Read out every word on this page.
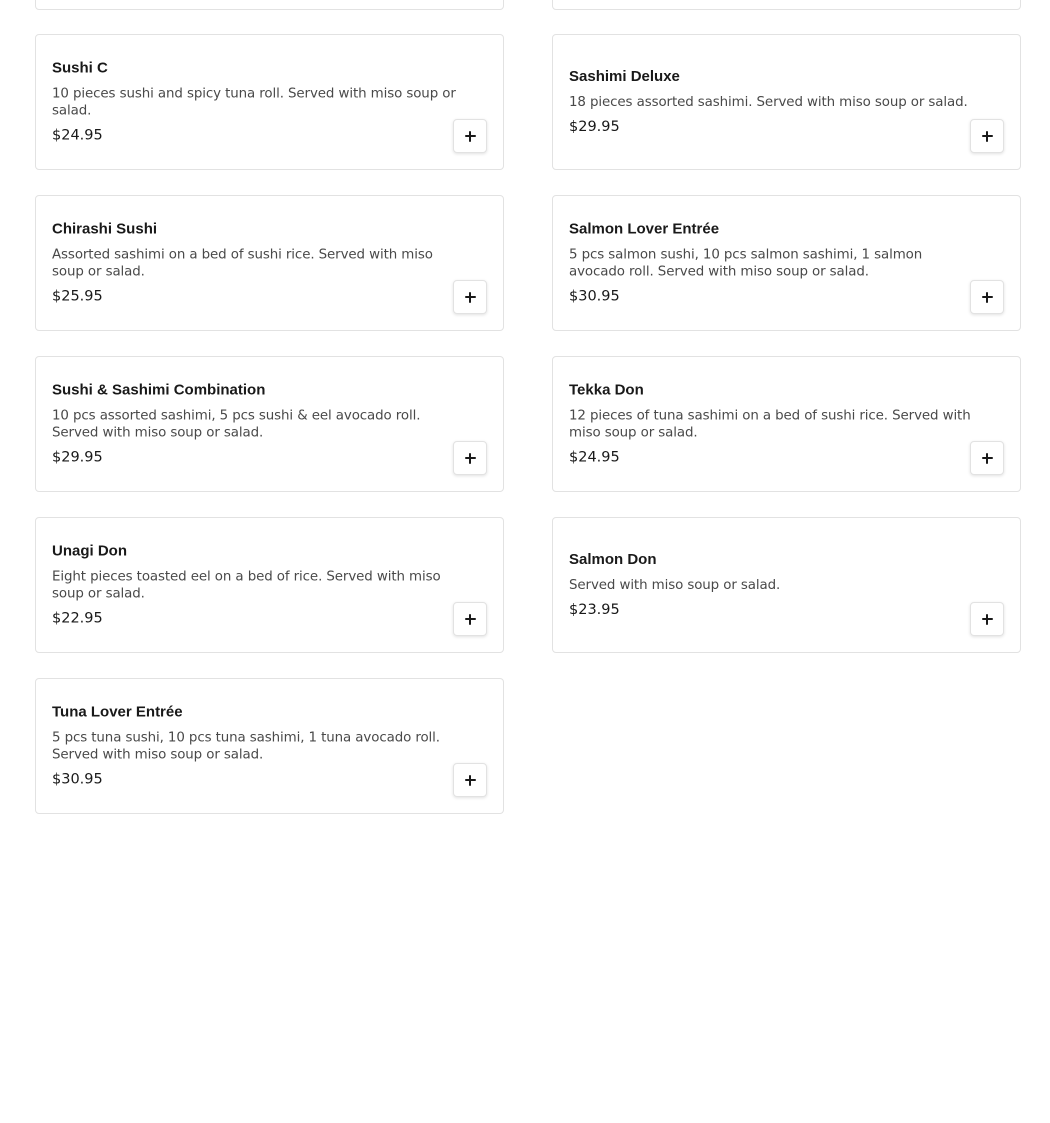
Sushi C
10 pieces sushi and spicy tuna roll. Served with miso soup or salad.
$24.95
Sashimi Deluxe
18 pieces assorted sashimi. Served with miso soup or salad.
$29.95
Chirashi Sushi
Assorted sashimi on a bed of sushi rice. Served with miso soup or salad.
$25.95
Salmon Lover Entrée
5 pcs salmon sushi, 10 pcs salmon sashimi, 1 salmon avocado roll. Served with miso soup or salad.
$30.95
Sushi & Sashimi Combination
10 pcs assorted sashimi, 5 pcs sushi & eel avocado roll. Served with miso soup or salad.
$29.95
Tekka Don
12 pieces of tuna sashimi on a bed of sushi rice. Served with miso soup or salad.
$24.95
Unagi Don
Eight pieces toasted eel on a bed of rice. Served with miso soup or salad.
$22.95
Salmon Don
Served with miso soup or salad.
$23.95
Tuna Lover Entrée
5 pcs tuna sushi, 10 pcs tuna sashimi, 1 tuna avocado roll. Served with miso soup or salad.
$30.95
